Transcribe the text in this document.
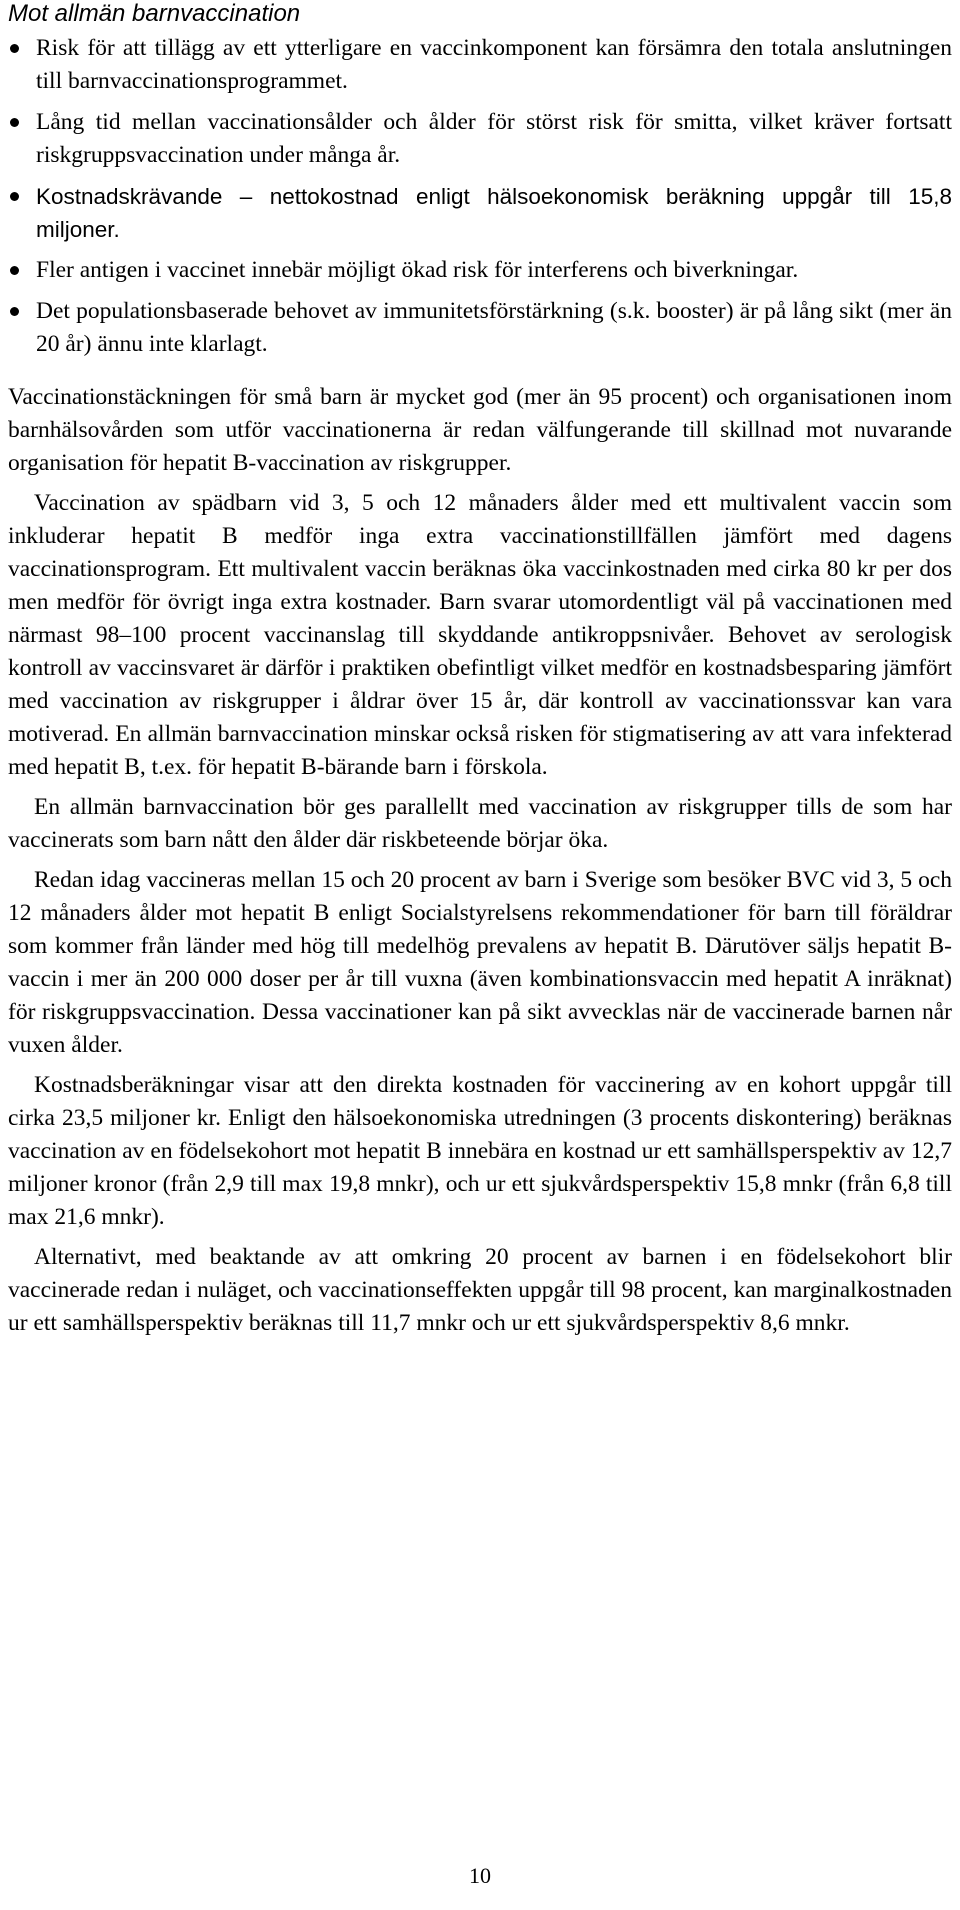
Mot allmän barnvaccination
Risk för att tillägg av ett ytterligare en vaccinkomponent kan försämra den totala anslutningen till barnvaccinationsprogrammet.
Lång tid mellan vaccinationsålder och ålder för störst risk för smitta, vilket kräver fortsatt riskgruppsvaccination under många år.
Kostnadskrävande – nettokostnad enligt hälsoekonomisk beräkning uppgår till 15,8 miljoner.
Fler antigen i vaccinet innebär möjligt ökad risk för interferens och biverkningar.
Det populationsbaserade behovet av immunitetsförstärkning (s.k. booster) är på lång sikt (mer än 20 år) ännu inte klarlagt.

Vaccinationstäckningen för små barn är mycket god (mer än 95 procent) och organisationen inom barnhälsovården som utför vaccinationerna är redan välfungerande till skillnad mot nuvarande organisation för hepatit B-vaccination av riskgrupper.

Vaccination av spädbarn vid 3, 5 och 12 månaders ålder med ett multivalent vaccin som inkluderar hepatit B medför inga extra vaccinationstillfällen jämfört med dagens vaccinationsprogram. Ett multivalent vaccin beräknas öka vaccinkostnaden med cirka 80 kr per dos men medför för övrigt inga extra kostnader. Barn svarar utomordentligt väl på vaccinationen med närmast 98–100 procent vaccinanslag till skyddande antikroppsnivåer. Behovet av serologisk kontroll av vaccinsvaret är därför i praktiken obefintligt vilket medför en kostnadsbesparing jämfört med vaccination av riskgrupper i åldrar över 15 år, där kontroll av vaccinationssvar kan vara motiverad. En allmän barnvaccination minskar också risken för stigmatisering av att vara infekterad med hepatit B, t.ex. för hepatit B-bärande barn i förskola.

En allmän barnvaccination bör ges parallellt med vaccination av riskgrupper tills de som har vaccinerats som barn nått den ålder där riskbeteende börjar öka.

Redan idag vaccineras mellan 15 och 20 procent av barn i Sverige som besöker BVC vid 3, 5 och 12 månaders ålder mot hepatit B enligt Socialstyrelsens rekommendationer för barn till föräldrar som kommer från länder med hög till medelhög prevalens av hepatit B. Därutöver säljs hepatit B-vaccin i mer än 200 000 doser per år till vuxna (även kombinationsvaccin med hepatit A inräknat) för riskgruppsvaccination. Dessa vaccinationer kan på sikt avvecklas när de vaccinerade barnen når vuxen ålder.

Kostnadsberäkningar visar att den direkta kostnaden för vaccinering av en kohort uppgår till cirka 23,5 miljoner kr. Enligt den hälsoekonomiska utredningen (3 procents diskontering) beräknas vaccination av en födelsekohort mot hepatit B innebära en kostnad ur ett samhällsperspektiv av 12,7 miljoner kronor (från 2,9 till max 19,8 mnkr), och ur ett sjukvårdsperspektiv 15,8 mnkr (från 6,8 till max 21,6 mnkr).

Alternativt, med beaktande av att omkring 20 procent av barnen i en födelsekohort blir vaccinerade redan i nuläget, och vaccinationseffekten uppgår till 98 procent, kan marginalkostnaden ur ett samhällsperspektiv beräknas till 11,7 mnkr och ur ett sjukvårdsperspektiv 8,6 mnkr.

10
